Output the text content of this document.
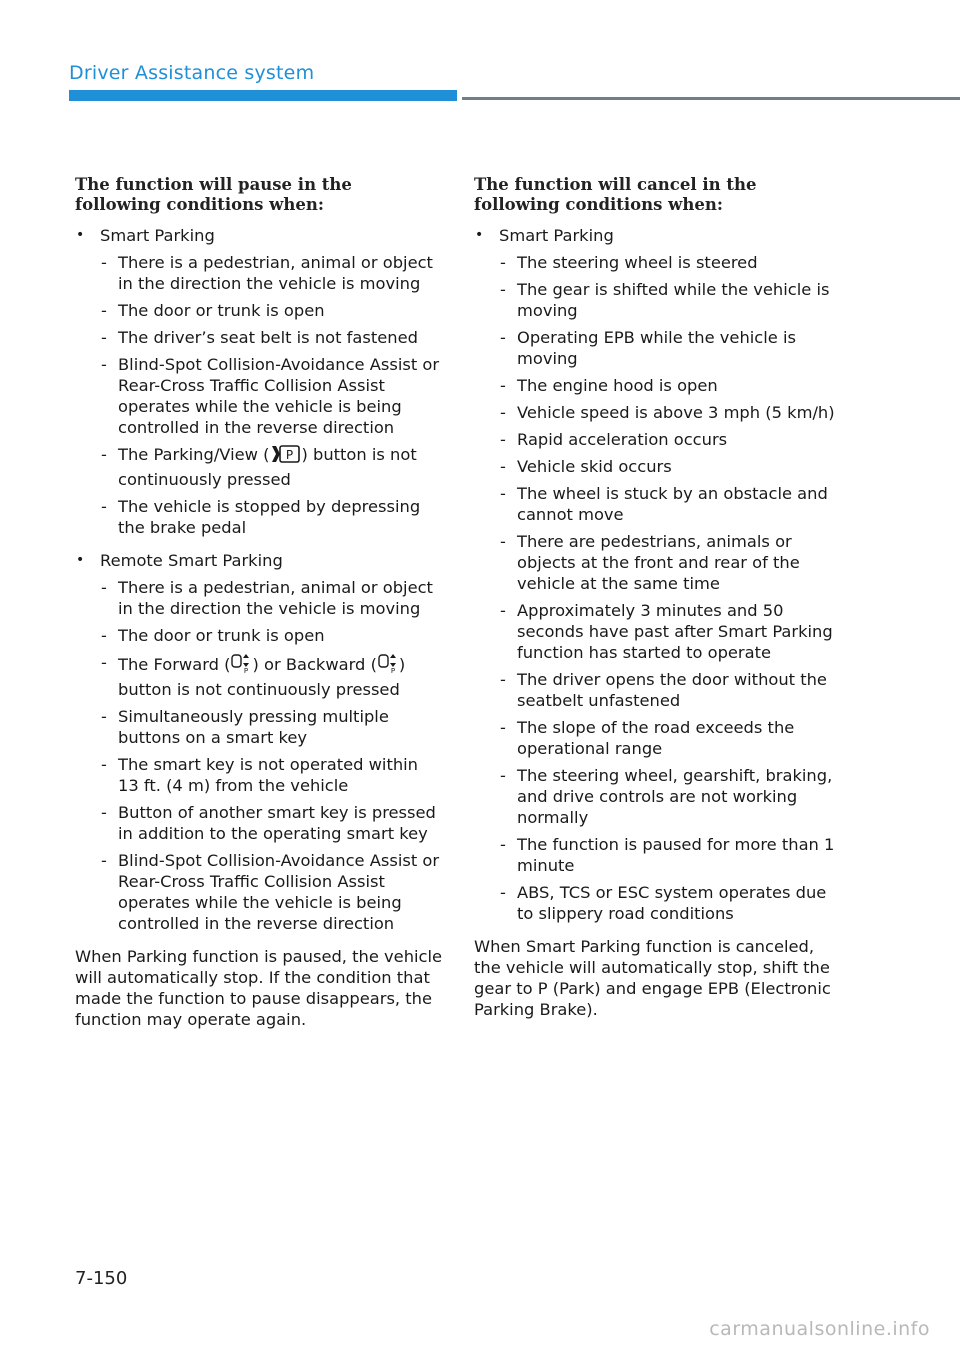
Driver Assistance system
The function will pause in the following conditions when:
• Smart Parking
- There is a pedestrian, animal or object in the direction the vehicle is moving
- The door or trunk is open
- The driver’s seat belt is not fastened
- Blind-Spot Collision-Avoidance Assist or Rear-Cross Traffic Collision Assist operates while the vehicle is being controlled in the reverse direction
- The Parking/View ( P ) button is not continuously pressed
- The vehicle is stopped by depressing the brake pedal
• Remote Smart Parking
- There is a pedestrian, animal or object in the direction the vehicle is moving
- The door or trunk is open
- The Forward ( P ) or Backward ( P ) button is not continuously pressed
- Simultaneously pressing multiple buttons on a smart key
- The smart key is not operated within 13 ft. (4 m) from the vehicle
- Button of another smart key is pressed in addition to the operating smart key
- Blind-Spot Collision-Avoidance Assist or Rear-Cross Traffic Collision Assist operates while the vehicle is being controlled in the reverse direction
When Parking function is paused, the vehicle will automatically stop. If the condition that made the function to pause disappears, the function may operate again.
The function will cancel in the following conditions when:
• Smart Parking
- The steering wheel is steered
- The gear is shifted while the vehicle is moving
- Operating EPB while the vehicle is moving
- The engine hood is open
- Vehicle speed is above 3 mph (5 km/h)
- Rapid acceleration occurs
- Vehicle skid occurs
- The wheel is stuck by an obstacle and cannot move
- There are pedestrians, animals or objects at the front and rear of the vehicle at the same time
- Approximately 3 minutes and 50 seconds have past after Smart Parking function has started to operate
- The driver opens the door without the seatbelt unfastened
- The slope of the road exceeds the operational range
- The steering wheel, gearshift, braking, and drive controls are not working normally
- The function is paused for more than 1 minute
- ABS, TCS or ESC system operates due to slippery road conditions
When Smart Parking function is canceled, the vehicle will automatically stop, shift the gear to P (Park) and engage EPB (Electronic Parking Brake).
7-150
carmanualsonline.info
